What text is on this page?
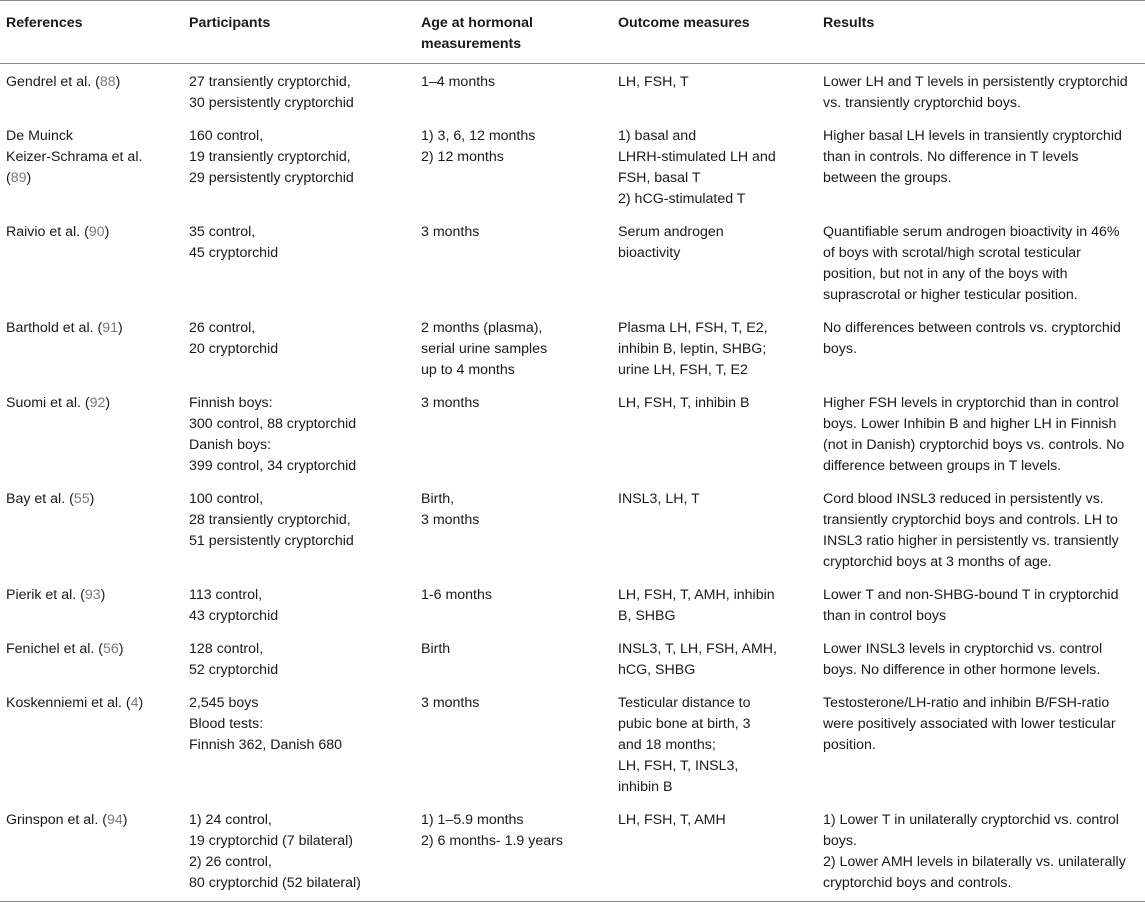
References	Participants	Age at hormonal
measurements	Outcome measures	Results

Gendrel et al. (88)	27 transiently cryptorchid,
30 persistently cryptorchid	1–4 months	LH, FSH, T	Lower LH and T levels in persistently cryptorchid
vs. transiently cryptorchid boys.

De Muinck
Keizer-Schrama et al.
(89)	160 control,
19 transiently cryptorchid,
29 persistently cryptorchid	1) 3, 6, 12 months
2) 12 months	1) basal and
LHRH-stimulated LH and
FSH, basal T
2) hCG-stimulated T	Higher basal LH levels in transiently cryptorchid
than in controls. No difference in T levels
between the groups.

Raivio et al. (90)	35 control,
45 cryptorchid	3 months	Serum androgen
bioactivity	Quantifiable serum androgen bioactivity in 46%
of boys with scrotal/high scrotal testicular
position, but not in any of the boys with
suprascrotal or higher testicular position.

Barthold et al. (91)	26 control,
20 cryptorchid	2 months (plasma),
serial urine samples
up to 4 months	Plasma LH, FSH, T, E2,
inhibin B, leptin, SHBG;
urine LH, FSH, T, E2	No differences between controls vs. cryptorchid
boys.

Suomi et al. (92)	Finnish boys:
300 control, 88 cryptorchid
Danish boys:
399 control, 34 cryptorchid	3 months	LH, FSH, T, inhibin B	Higher FSH levels in cryptorchid than in control
boys. Lower Inhibin B and higher LH in Finnish
(not in Danish) cryptorchid boys vs. controls. No
difference between groups in T levels.

Bay et al. (55)	100 control,
28 transiently cryptorchid,
51 persistently cryptorchid	Birth,
3 months	INSL3, LH, T	Cord blood INSL3 reduced in persistently vs.
transiently cryptorchid boys and controls. LH to
INSL3 ratio higher in persistently vs. transiently
cryptorchid boys at 3 months of age.

Pierik et al. (93)	113 control,
43 cryptorchid	1-6 months	LH, FSH, T, AMH, inhibin
B, SHBG	Lower T and non-SHBG-bound T in cryptorchid
than in control boys

Fenichel et al. (56)	128 control,
52 cryptorchid	Birth	INSL3, T, LH, FSH, AMH,
hCG, SHBG	Lower INSL3 levels in cryptorchid vs. control
boys. No difference in other hormone levels.

Koskenniemi et al. (4)	2,545 boys
Blood tests:
Finnish 362, Danish 680	3 months	Testicular distance to
pubic bone at birth, 3
and 18 months;
LH, FSH, T, INSL3,
inhibin B	Testosterone/LH-ratio and inhibin B/FSH-ratio
were positively associated with lower testicular
position.

Grinspon et al. (94)	1) 24 control,
19 cryptorchid (7 bilateral)
2) 26 control,
80 cryptorchid (52 bilateral)	1) 1–5.9 months
2) 6 months- 1.9 years	LH, FSH, T, AMH	1) Lower T in unilaterally cryptorchid vs. control
boys.
2) Lower AMH levels in bilaterally vs. unilaterally
cryptorchid boys and controls.
